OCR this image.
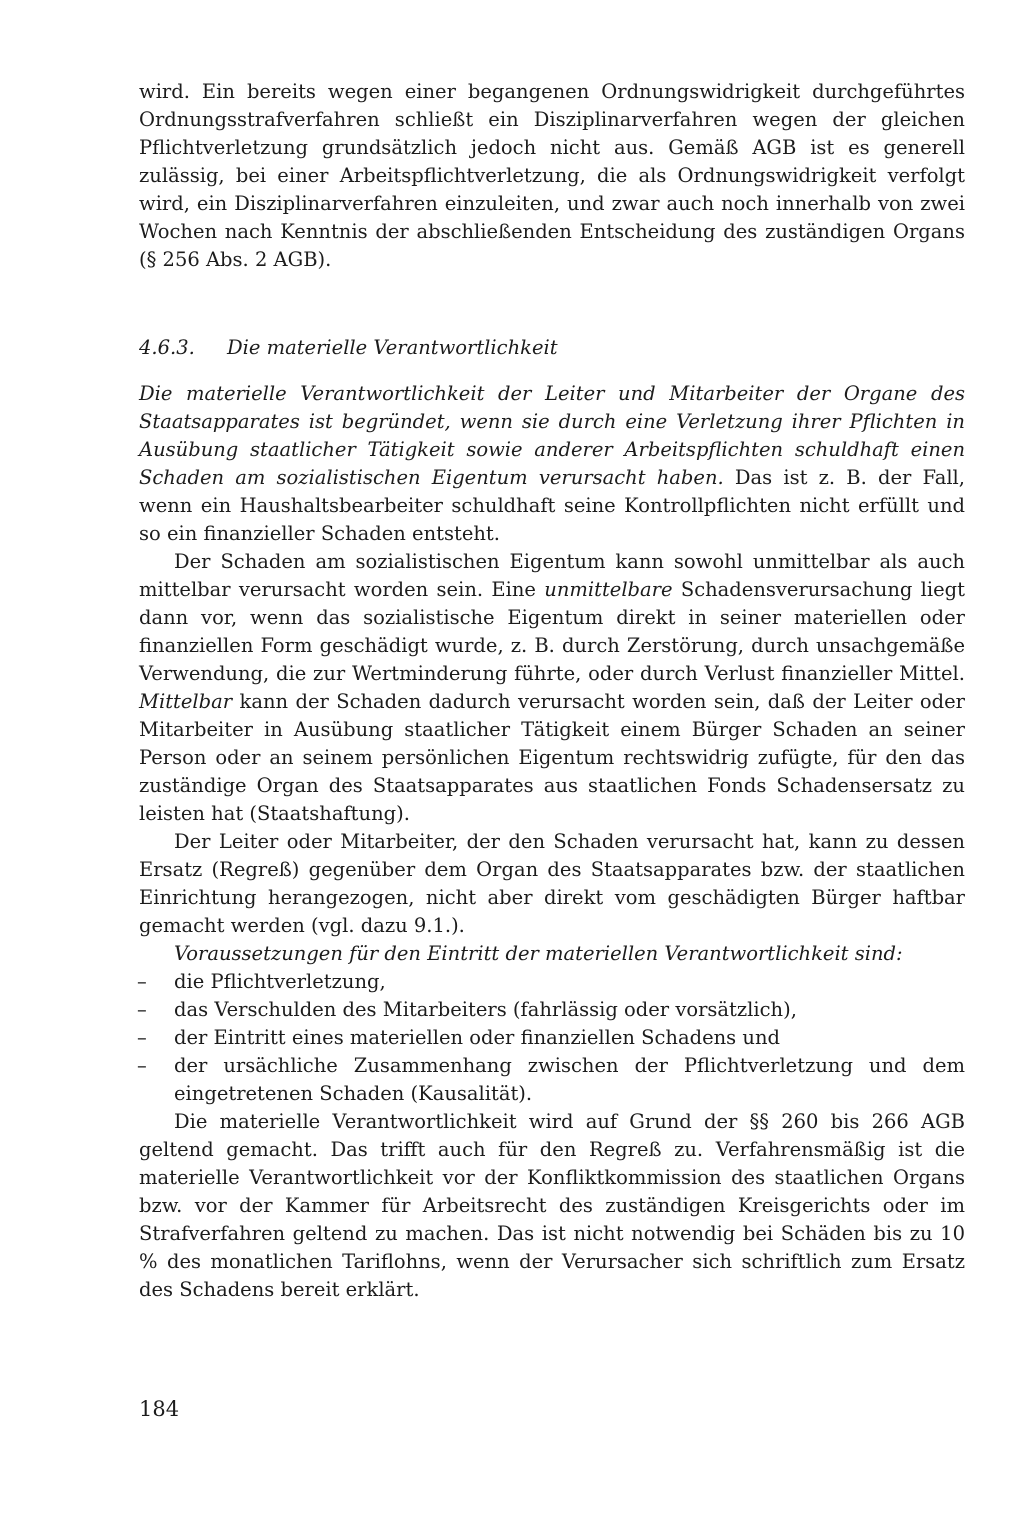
wird. Ein bereits wegen einer begangenen Ordnungswidrigkeit durchgeführtes Ordnungsstrafverfahren schließt ein Disziplinarverfahren wegen der gleichen Pflichtverletzung grundsätzlich jedoch nicht aus. Gemäß AGB ist es generell zulässig, bei einer Arbeitspflichtverletzung, die als Ordnungswidrigkeit verfolgt wird, ein Disziplinarverfahren einzuleiten, und zwar auch noch innerhalb von zwei Wochen nach Kenntnis der abschließenden Entscheidung des zuständigen Organs (§ 256 Abs. 2 AGB).

4.6.3.	Die materielle Verantwortlichkeit

Die materielle Verantwortlichkeit der Leiter und Mitarbeiter der Organe des Staatsapparates ist begründet, wenn sie durch eine Verletzung ihrer Pflichten in Ausübung staatlicher Tätigkeit sowie anderer Arbeitspflichten schuldhaft einen Schaden am sozialistischen Eigentum verursacht haben. Das ist z. B. der Fall, wenn ein Haushaltsbearbeiter schuldhaft seine Kontrollpflichten nicht erfüllt und so ein finanzieller Schaden entsteht.

Der Schaden am sozialistischen Eigentum kann sowohl unmittelbar als auch mittelbar verursacht worden sein. Eine unmittelbare Schadensverursachung liegt dann vor, wenn das sozialistische Eigentum direkt in seiner materiellen oder finanziellen Form geschädigt wurde, z. B. durch Zerstörung, durch unsachgemäße Verwendung, die zur Wertminderung führte, oder durch Verlust finanzieller Mittel. Mittelbar kann der Schaden dadurch verursacht worden sein, daß der Leiter oder Mitarbeiter in Ausübung staatlicher Tätigkeit einem Bürger Schaden an seiner Person oder an seinem persönlichen Eigentum rechtswidrig zufügte, für den das zuständige Organ des Staatsapparates aus staatlichen Fonds Schadensersatz zu leisten hat (Staatshaftung).

Der Leiter oder Mitarbeiter, der den Schaden verursacht hat, kann zu dessen Ersatz (Regreß) gegenüber dem Organ des Staatsapparates bzw. der staatlichen Einrichtung herangezogen, nicht aber direkt vom geschädigten Bürger haftbar gemacht werden (vgl. dazu 9.1.).

Voraussetzungen für den Eintritt der materiellen Verantwortlichkeit sind:

– die Pflichtverletzung,
– das Verschulden des Mitarbeiters (fahrlässig oder vorsätzlich),
– der Eintritt eines materiellen oder finanziellen Schadens und
– der ursächliche Zusammenhang zwischen der Pflichtverletzung und dem eingetretenen Schaden (Kausalität).

Die materielle Verantwortlichkeit wird auf Grund der §§ 260 bis 266 AGB geltend gemacht. Das trifft auch für den Regreß zu. Verfahrensmäßig ist die materielle Verantwortlichkeit vor der Konfliktkommission des staatlichen Organs bzw. vor der Kammer für Arbeitsrecht des zuständigen Kreisgerichts oder im Strafverfahren geltend zu machen. Das ist nicht notwendig bei Schäden bis zu 10 % des monatlichen Tariflohns, wenn der Verursacher sich schriftlich zum Ersatz des Schadens bereit erklärt.

184
